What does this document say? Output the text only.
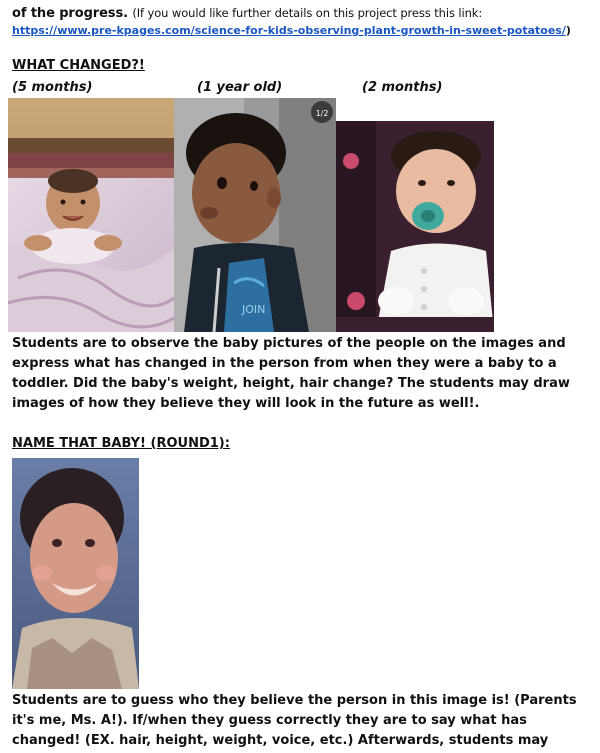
of the progress. (If you would like further details on this project press this link:
https://www.pre-kpages.com/science-for-kids-observing-plant-growth-in-sweet-potatoes/)
WHAT CHANGED?!
(5 months)	(1 year old)	(2 months)
JOIN
1/2
Students are to observe the baby pictures of the people on the images and
express what has changed in the person from when they were a baby to a
toddler. Did the baby's weight, height, hair change? The students may draw
images of how they believe they will look in the future as well!.
NAME THAT BABY! (ROUND1):
Students are to guess who they believe the person in this image is! (Parents
it's me, Ms. A!). If/when they guess correctly they are to say what has
changed! (EX. hair, height, weight, voice, etc.) Afterwards, students may
